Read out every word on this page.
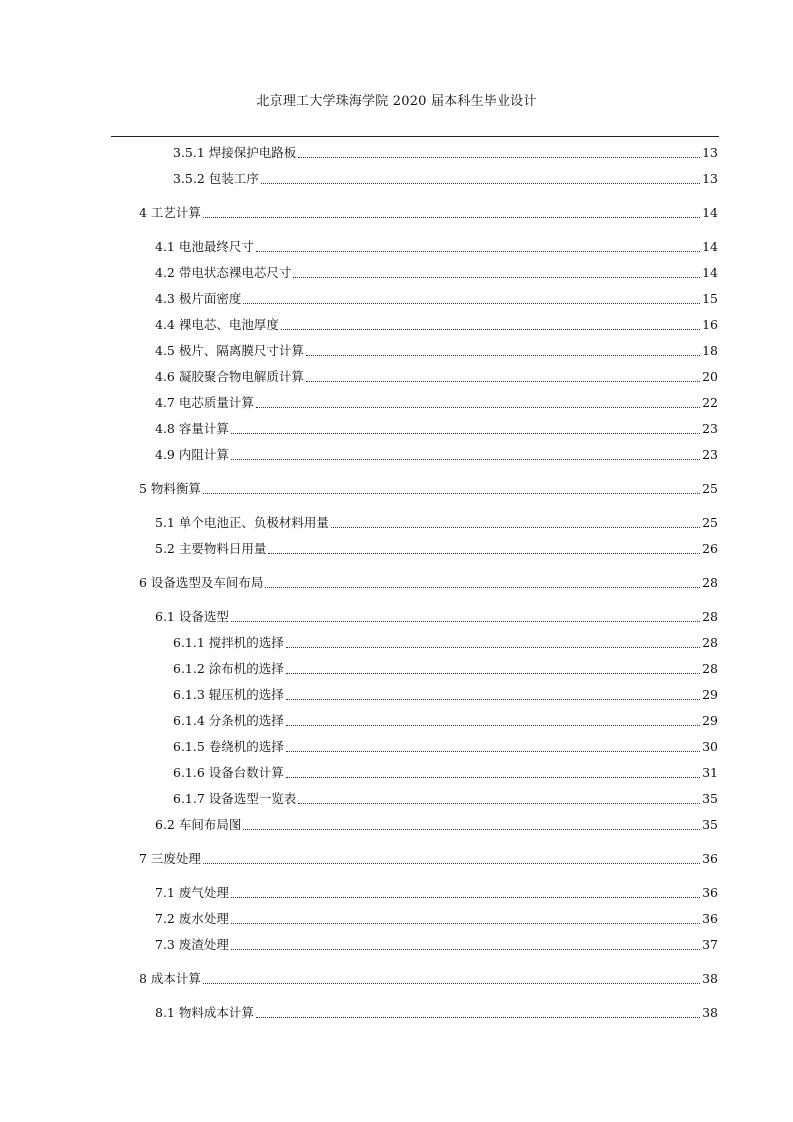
北京理工大学珠海学院 2020 届本科生毕业设计
3.5.1 焊接保护电路板	13
3.5.2 包装工序	13
4 工艺计算	14
4.1 电池最终尺寸	14
4.2 带电状态裸电芯尺寸	14
4.3 极片面密度	15
4.4 裸电芯、电池厚度	16
4.5 极片、隔离膜尺寸计算	18
4.6 凝胶聚合物电解质计算	20
4.7 电芯质量计算	22
4.8 容量计算	23
4.9 内阻计算	23
5 物料衡算	25
5.1 单个电池正、负极材料用量	25
5.2 主要物料日用量	26
6 设备选型及车间布局	28
6.1 设备选型	28
6.1.1 搅拌机的选择	28
6.1.2 涂布机的选择	28
6.1.3 辊压机的选择	29
6.1.4 分条机的选择	29
6.1.5 卷绕机的选择	30
6.1.6 设备台数计算	31
6.1.7 设备选型一览表	35
6.2 车间布局图	35
7 三废处理	36
7.1 废气处理	36
7.2 废水处理	36
7.3 废渣处理	37
8 成本计算	38
8.1 物料成本计算	38
